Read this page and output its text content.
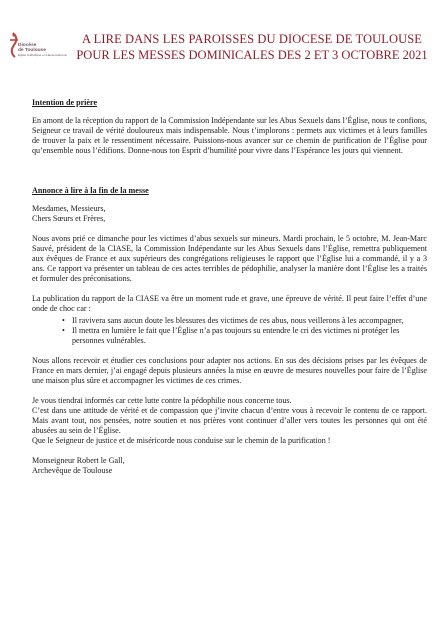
Diocèse
de Toulouse
Église Catholique en Haute-Garonne
A LIRE DANS LES PAROISSES DU DIOCESE DE TOULOUSE
POUR LES MESSES DOMINICALES DES 2 ET 3 OCTOBRE 2021
Intention de prière

En amont de la réception du rapport de la Commission Indépendante sur les Abus Sexuels dans l’Église, nous te confions, Seigneur ce travail de vérité douloureux mais indispensable. Nous t’implorons : permets aux victimes et à leurs familles de trouver la paix et le ressentiment nécessaire. Puissions-nous avancer sur ce chemin de purification de l’Église pour qu’ensemble nous l’édifions. Donne-nous ton Esprit d’humilité pour vivre dans l’Espérance les jours qui viennent.

Annonce à lire à la fin de la messe
Mesdames, Messieurs,
Chers Sœurs et Frères,

Nous avons prié ce dimanche pour les victimes d’abus sexuels sur mineurs. Mardi prochain, le 5 octobre, M. Jean-Marc Sauvé, président de la CIASE, la Commission Indépendante sur les Abus Sexuels dans l’Église, remettra publiquement aux évêques de France et aux supérieurs des congrégations religieuses le rapport que l’Église lui a commandé, il y a 3 ans. Ce rapport va présenter un tableau de ces actes terribles de pédophilie, analyser la manière dont l’Église les a traités et formuler des préconisations.

La publication du rapport de la CIASE va être un moment rude et grave, une épreuve de vérité. Il peut faire l’effet d’une onde de choc car :

• Il ravivera sans aucun doute les blessures des victimes de ces abus, nous veillerons à les accompagner,
• Il mettra en lumière le fait que l’Église n’a pas toujours su entendre le cri des victimes ni protéger les personnes vulnérables.

Nous allons recevoir et étudier ces conclusions pour adapter nos actions. En sus des décisions prises par les évêques de France en mars dernier, j’ai engagé depuis plusieurs années la mise en œuvre de mesures nouvelles pour faire de l’Église une maison plus sûre et accompagner les victimes de ces crimes.

Je vous tiendrai informés car cette lutte contre la pédophilie nous concerne tous.

C’est dans une attitude de vérité et de compassion que j’invite chacun d’entre vous à recevoir le contenu de ce rapport. Mais avant tout, nos pensées, notre soutien et nos prières vont continuer d’aller vers toutes les personnes qui ont été abusées au sein de l’Église.

Que le Seigneur de justice et de miséricorde nous conduise sur le chemin de la purification !

Monseigneur Robert le Gall,
Archevêque de Toulouse
